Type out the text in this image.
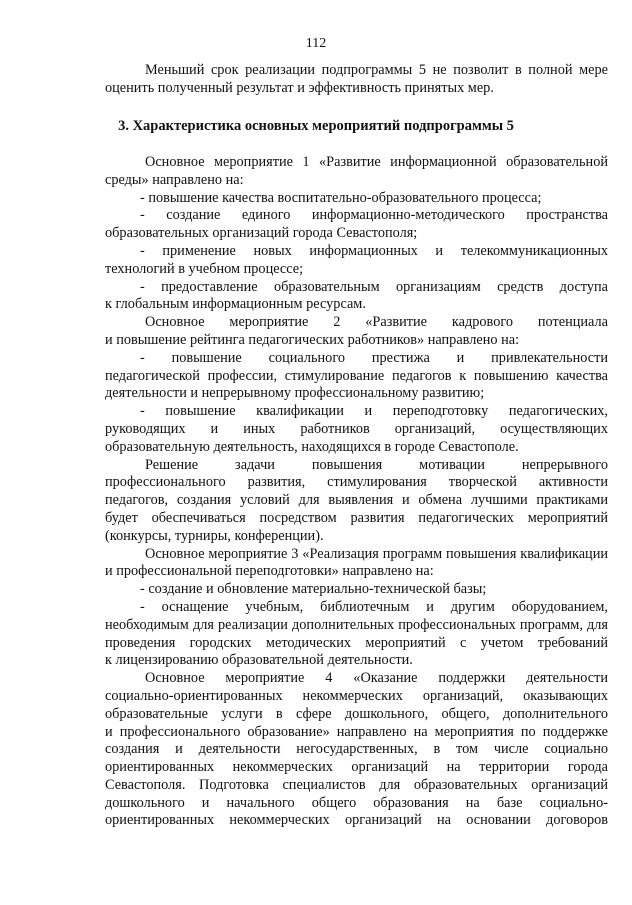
112
Меньший срок реализации подпрограммы 5 не позволит в полной мере
оценить полученный результат и эффективность принятых мер.
3. Характеристика основных мероприятий подпрограммы 5
Основное мероприятие 1 «Развитие информационной образовательной
среды» направлено на:
- повышение качества воспитательно-образовательного процесса;
- создание единого информационно-методического пространства
образовательных организаций города Севастополя;
- применение новых информационных и телекоммуникационных
технологий в учебном процессе;
- предоставление образовательным организациям средств доступа
к глобальным информационным ресурсам.
Основное мероприятие 2 «Развитие кадрового потенциала
и повышение рейтинга педагогических работников» направлено на:
- повышение социального престижа и привлекательности
педагогической профессии, стимулирование педагогов к повышению качества
деятельности и непрерывному профессиональному развитию;
- повышение квалификации и переподготовку педагогических,
руководящих и иных работников организаций, осуществляющих
образовательную деятельность, находящихся в городе Севастополе.
Решение задачи повышения мотивации непрерывного
профессионального развития, стимулирования творческой активности
педагогов, создания условий для выявления и обмена лучшими практиками
будет обеспечиваться посредством развития педагогических мероприятий
(конкурсы, турниры, конференции).
Основное мероприятие 3 «Реализация программ повышения квалификации
и профессиональной переподготовки» направлено на:
- создание и обновление материально-технической базы;
- оснащение учебным, библиотечным и другим оборудованием,
необходимым для реализации дополнительных профессиональных программ, для
проведения городских методических мероприятий с учетом требований
к лицензированию образовательной деятельности.
Основное мероприятие 4 «Оказание поддержки деятельности
социально-ориентированных некоммерческих организаций, оказывающих
образовательные услуги в сфере дошкольного, общего, дополнительного
и профессионального образование» направлено на мероприятия по поддержке
создания и деятельности негосударственных, в том числе социально
ориентированных некоммерческих организаций на территории города
Севастополя. Подготовка специалистов для образовательных организаций
дошкольного и начального общего образования на базе социально-
ориентированных некоммерческих организаций на основании договоров
